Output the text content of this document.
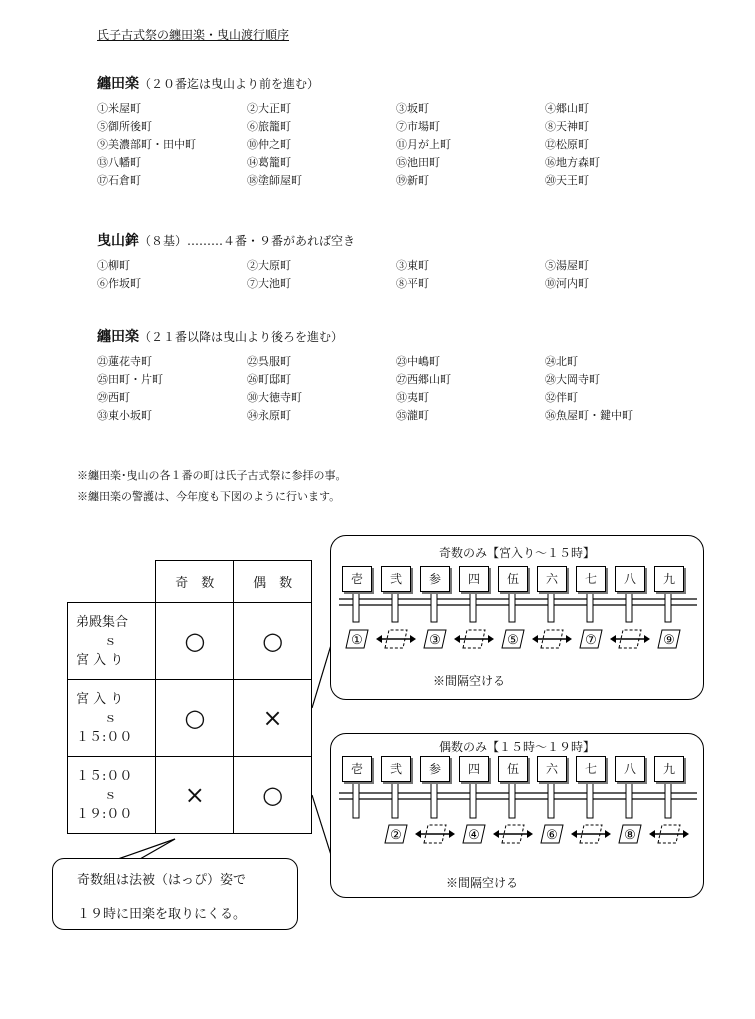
氏子古式祭の纏田楽・曳山渡行順序
纏田楽（２０番迄は曳山より前を進む）
①米屋町	②大正町	③坂町	④郷山町
⑤御所後町	⑥旅籠町	⑦市場町	⑧天神町
⑨美濃部町・田中町	⑩仲之町	⑪月が上町	⑫松原町
⑬八幡町	⑭葛籠町	⑮池田町	⑯地方森町
⑰石倉町	⑱塗師屋町	⑲新町	⑳天王町
曳山鉾（８基）………４番・９番があれば空き
①柳町	②大原町	③東町	⑤湯屋町
⑥作坂町	⑦大池町	⑧平町	⑩河内町
纏田楽（２１番以降は曳山より後ろを進む）
㉑蓮花寺町	㉒呉服町	㉓中嶋町	㉔北町
㉕田町・片町	㉖町邸町	㉗西郷山町	㉘大岡寺町
㉙西町	㉚大徳寺町	㉛夷町	㉜伴町
㉝東小坂町	㉞永原町	㉟瀧町	㊱魚屋町・鍵中町
※纏田楽･曳山の各１番の町は氏子古式祭に参拝の事。
※纏田楽の警護は、今年度も下図のように行います。
	奇　数	偶　数

弟殿集合
ｓ
宮 入 り	○	○

宮 入 り
ｓ
１５:００	○	×

１５:００
ｓ
１９:００	×	○
奇数のみ【宮入り～１５時】
①	③	⑤	⑦	⑨
壱	弐	参	四	伍	六	七	八	九
※間隔空ける
偶数のみ【１５時～１９時】
②	④	⑥	⑧
壱	弐	参	四	伍	六	七	八	九
※間隔空ける
奇数組は法被（はっぴ）姿で
１９時に田楽を取りにくる。
